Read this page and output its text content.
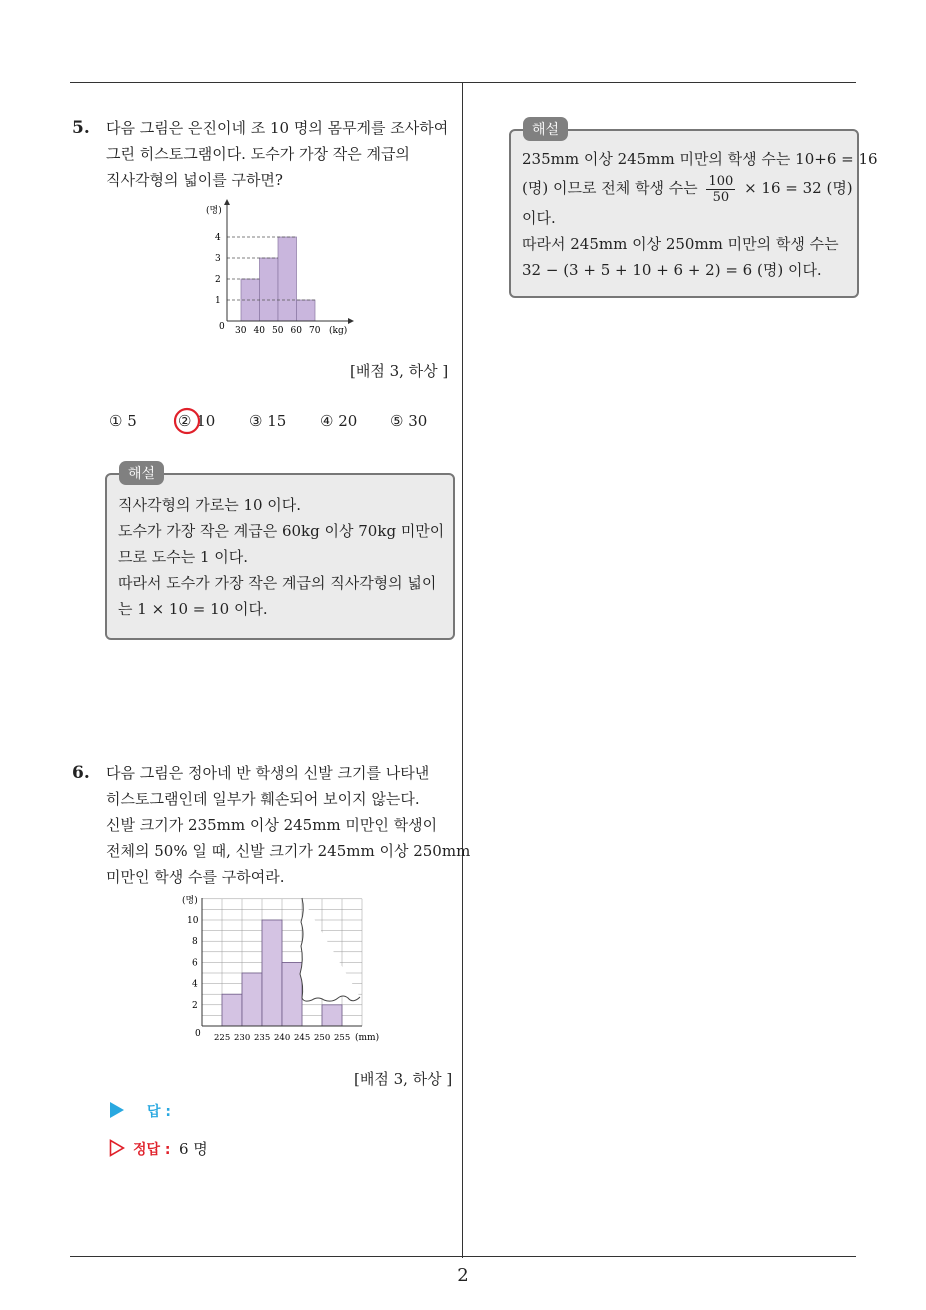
5. 다음 그림은 은진이네 조 10 명의 몸무게를 조사하여
그린 히스토그램이다. 도수가 가장 작은 계급의
직사각형의 넓이를 구하면?
(명)
(kg)
0
1
2
3
4
30 40 50 60 70
[배점 3, 하상 ]
① 5	② 10 ③ 15 ④ 20 ⑤ 30
해설
직사각형의 가로는 10 이다.
도수가 가장 작은 계급은 60kg 이상 70kg 미만이
므로 도수는 1 이다.
따라서 도수가 가장 작은 계급의 직사각형의 넓이
는 1 × 10 = 10 이다.
6. 다음 그림은 정아네 반 학생의 신발 크기를 나타낸
히스토그램인데 일부가 훼손되어 보이지 않는다.
신발 크기가 235mm 이상 245mm 미만인 학생이
전체의 50% 일 때, 신발 크기가 245mm 이상 250mm
미만인 학생 수를 구하여라.
(명)
(mm)
0
2
4
6
8
10
225 230 235 240 245 250 255
[배점 3, 하상 ]
답 :
정답 : 6 명
해설
235mm 이상 245mm 미만의 학생 수는 10+6 = 16
(명) 이므로 전체 학생 수는 $\frac{100}{50} \times 16 = 32$ (명)
이다.
따라서 245mm 이상 250mm 미만의 학생 수는
32 − (3 + 5 + 10 + 6 + 2) = 6 (명) 이다.
2
